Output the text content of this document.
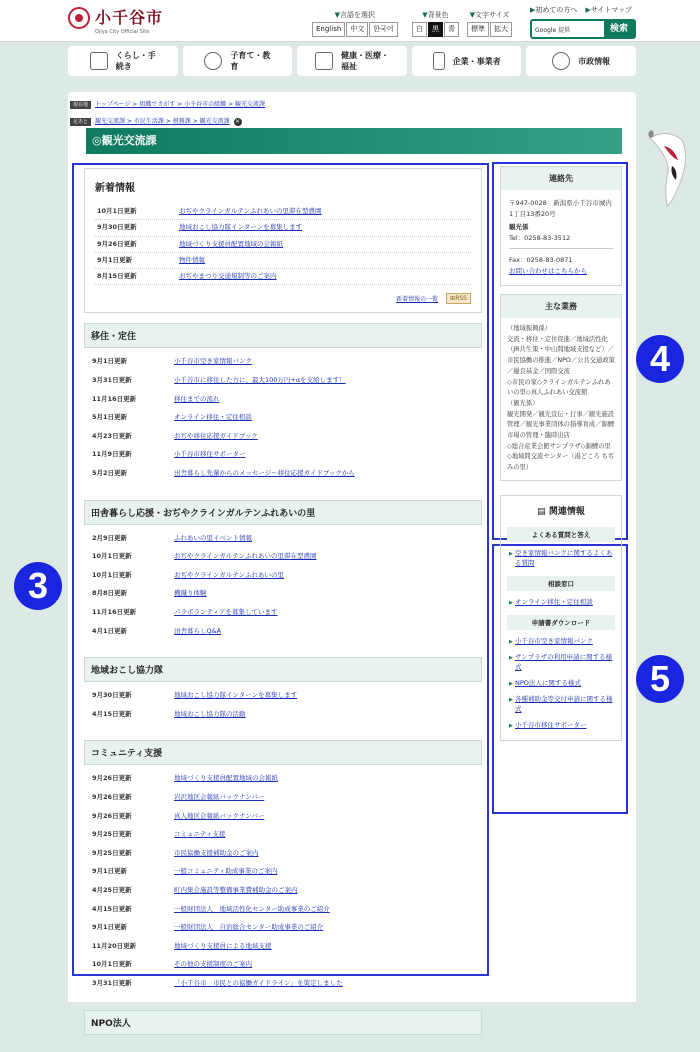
小千谷市
Ojiya City Official Site
▼言語を選択
English	中文	한국어
▼背景色
白	黒	青
▼文字サイズ
標準	拡大
▶初めての方へ ▶サイトマップ
Google 提供	検索
くらし・手続き
子育て・教育
健康・医療・福祉
企業・事業者	市政情報
現在地	トップページ > 組織でさがす > 小千谷市の組織 > 観光交流課
足あと	観光交流課 > 市民生活課 > 税務課 > 観光交流課 ×
◎観光交流課
新着情報
10月1日更新	おぢやクラインガルテンふれあいの里滞在型農園
9月30日更新	地域おこし協力隊インターンを募集します
9月26日更新	地域づくり支援員配置地域の会報紙
9月1日更新	物件情報
8月15日更新	おぢやまつり交通規制等のご案内
新着情報の一覧	⊞RSS
移住・定住
9月1日更新	小千谷市空き家情報バンク
3月31日更新	小千谷市に移住した方に、最大100万円+αを支給します！
11月16日更新	移住までの流れ
5月1日更新	オンライン移住・定住相談
4月23日更新	おぢや移住応援ガイドブック
11月9日更新	小千谷市移住サポーター
5月2日更新	田舎暮らし先輩からのメッセージ～移住応援ガイドブックから
田舎暮らし応援・おぢやクラインガルテンふれあいの里
2月9日更新	ふれあいの里イベント情報
10月1日更新	おぢやクラインガルテンふれあいの里滞在型農園
10月1日更新	おぢやクラインガルテンふれあいの里
8月8日更新	機織り体験
11月16日更新	パラボランティアを募集しています
4月1日更新	田舎暮らしQ&A
地域おこし協力隊
9月30日更新	地域おこし協力隊インターンを募集します
4月15日更新	地域おこし協力隊の活動
コミュニティ支援
9月26日更新	地域づくり支援員配置地域の会報紙
9月26日更新	岩沢地区会報紙バックナンバー
9月26日更新	真人地区会報紙バックナンバー
9月25日更新	コミュニティ支援
9月25日更新	市民協働支援補助金のご案内
9月1日更新	一般コミュニティ助成事業のご案内
4月25日更新	町内集会施設等整備事業費補助金のご案内
4月15日更新	一般財団法人　地域活性化センター助成事業のご紹介
9月1日更新	一般財団法人　自治総合センター助成事業のご紹介
11月20日更新	地域づくり支援員による地域支援
10月1日更新	その他の支援制度のご案内
3月31日更新	「小千谷市　市民との協働ガイドライン」を策定しました
NPO法人
連絡先
〒947-0028　新潟県小千谷市城内1丁目13番20号
観光係
Tel：0258-83-3512
Fax：0258-83-0871
お問い合わせはこちらから
主な業務
（地域振興係）
交流・移住・定住促進／地域活性化（JR共生策・中山間地域支援など）／市民協働の推進／NPO／公共交通政策／優良基金／国際交流
◇市民の家◇クラインガルテンふれあいの里◇真人ふれあい交流館
（観光係）
観光開発／観光宣伝・行事／観光施設管理／観光事業団体の指導育成／錦鯉市場の管理・臨時出店
◇総合産業会館サンプラザ◇錦鯉の里◇地域間交流センター（湯どころ ちぢみの里）
▤ 関連情報
よくある質問と答え
▶ 空き家情報バンクに関するよくある質問
相談窓口
▶ オンライン移住・定住相談
申請書ダウンロード
▶ 小千谷市空き家情報バンク
▶ サンプラザの利用申請に関する様式
▶ NPO法人に関する様式
▶ 各種補助金等交付申請に関する様式
▶ 小千谷市移住サポーター
3
4
5
